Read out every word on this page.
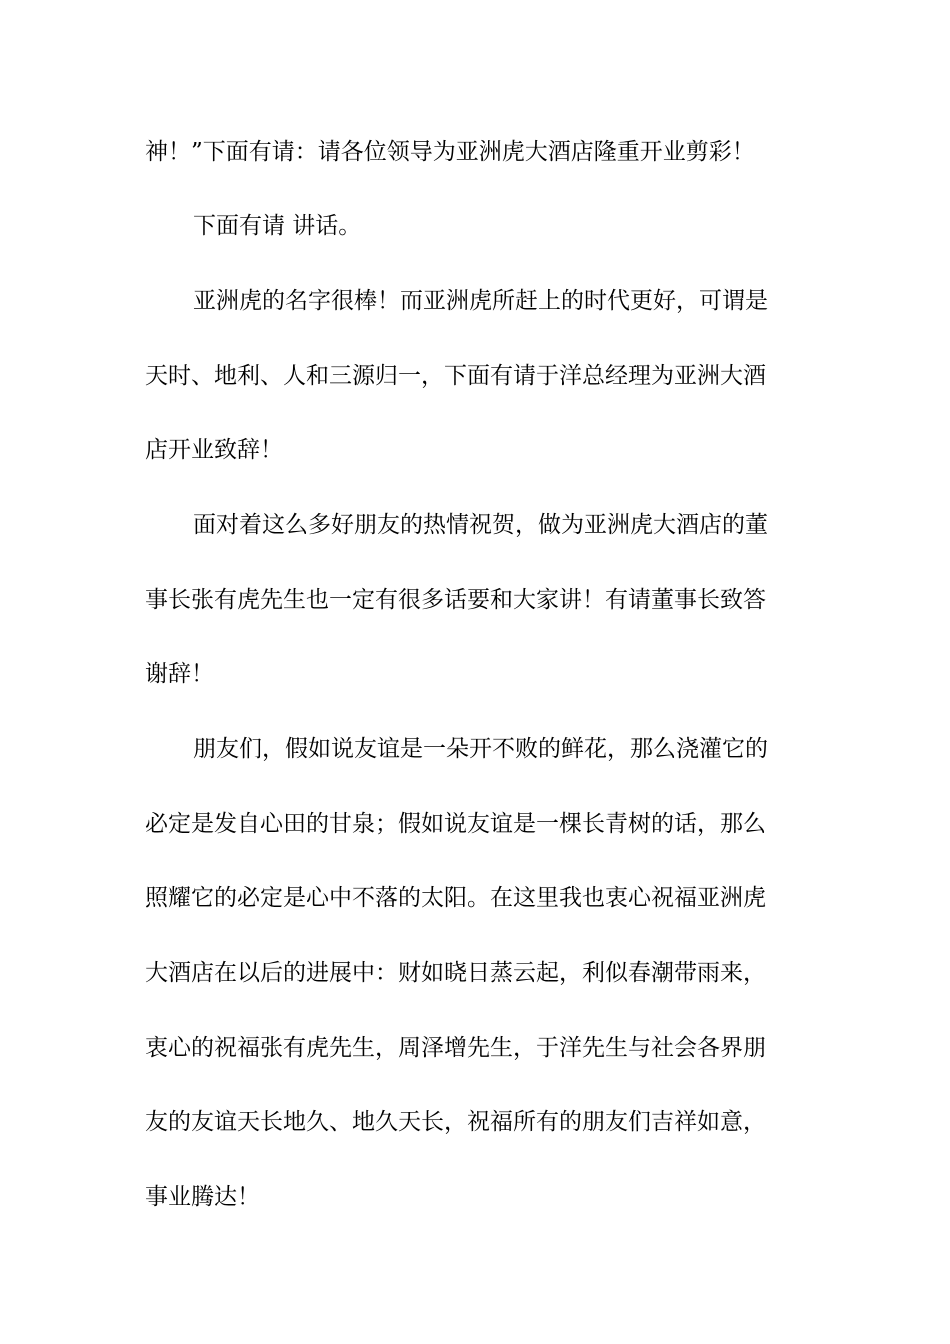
神！”下面有请：请各位领导为亚洲虎大酒店隆重开业剪彩！

下面有请 讲话。

亚洲虎的名字很棒！而亚洲虎所赶上的时代更好，可谓是

天时、地利、人和三源归一，下面有请于洋总经理为亚洲大酒

店开业致辞！

面对着这么多好朋友的热情祝贺，做为亚洲虎大酒店的董

事长张有虎先生也一定有很多话要和大家讲！有请董事长致答

谢辞！

朋友们，假如说友谊是一朵开不败的鲜花，那么浇灌它的

必定是发自心田的甘泉；假如说友谊是一棵长青树的话，那么

照耀它的必定是心中不落的太阳。在这里我也衷心祝福亚洲虎

大酒店在以后的进展中：财如晓日蒸云起，利似春潮带雨来，

衷心的祝福张有虎先生，周泽增先生，于洋先生与社会各界朋

友的友谊天长地久、地久天长，祝福所有的朋友们吉祥如意，

事业腾达！
